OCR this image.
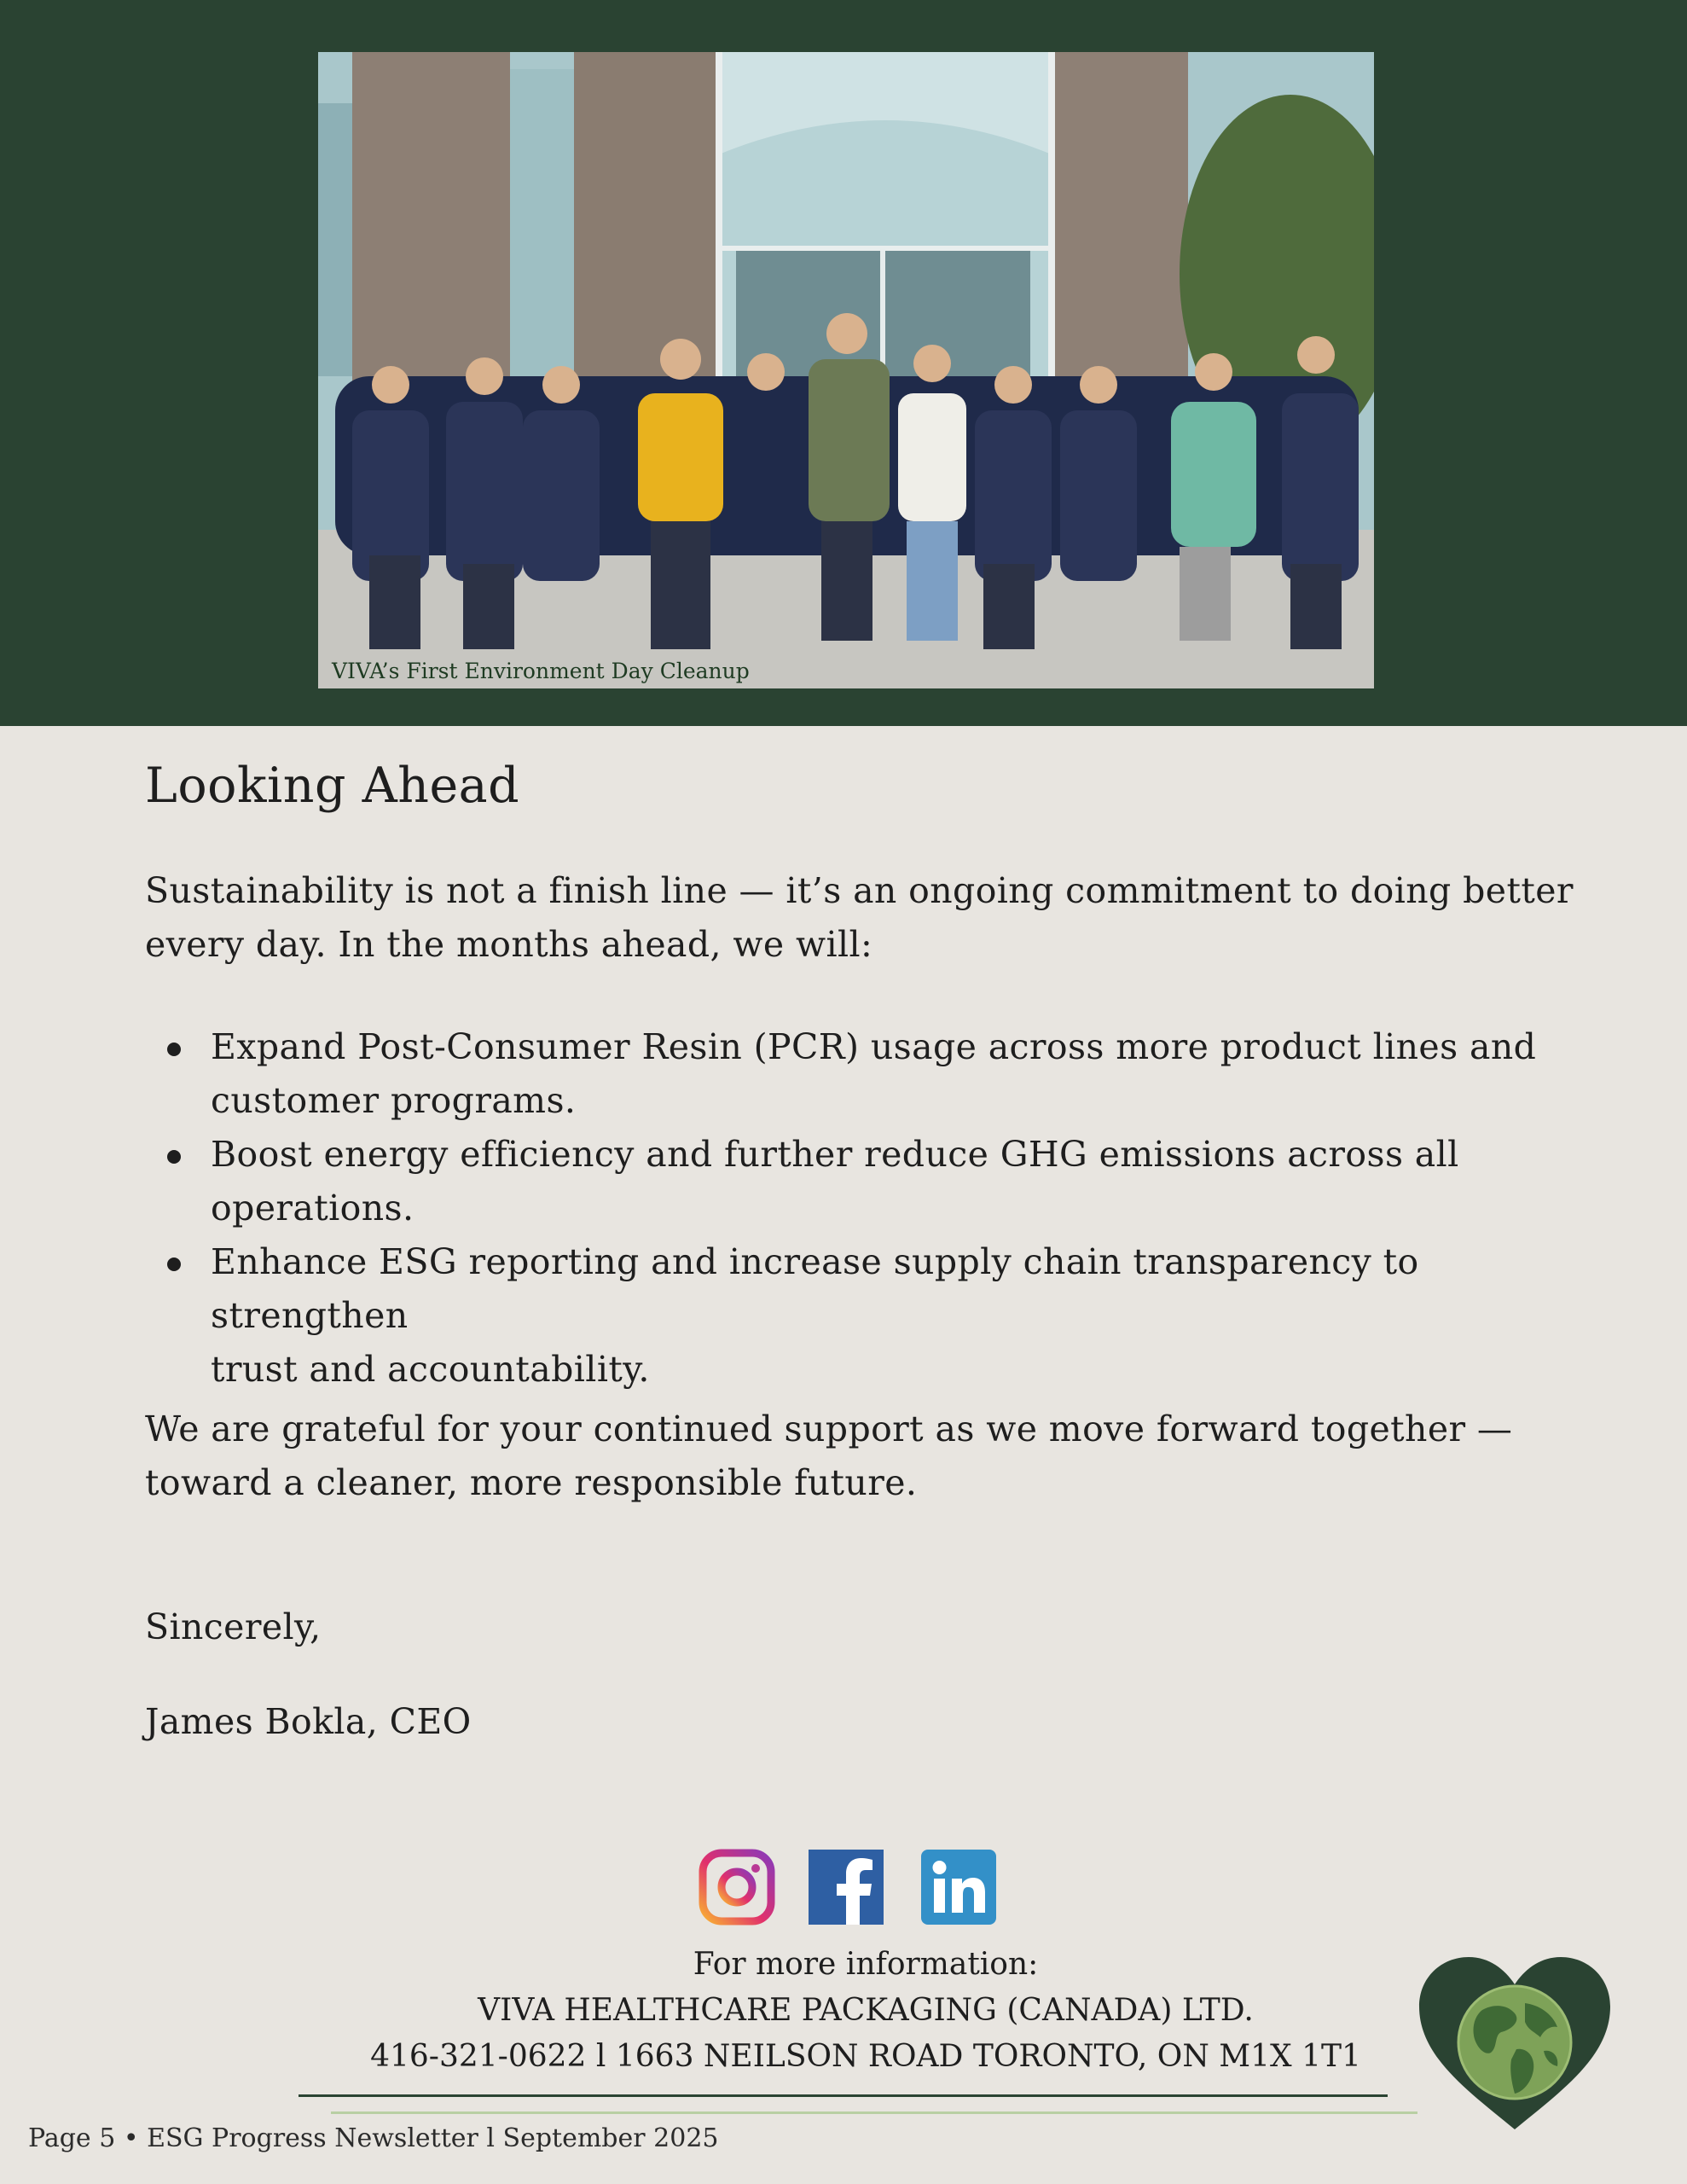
VIVA’s First Environment Day Cleanup
Looking Ahead

Sustainability is not a finish line — it’s an ongoing commitment to doing better
every day. In the months ahead, we will:

Expand Post-Consumer Resin (PCR) usage across more product lines and
customer programs.
Boost energy efficiency and further reduce GHG emissions across all
operations.
Enhance ESG reporting and increase supply chain transparency to strengthen
trust and accountability.

We are grateful for your continued support as we move forward together —
toward a cleaner, more responsible future.

Sincerely,

James Bokla, CEO

For more information:

VIVA HEALTHCARE PACKAGING (CANADA) LTD.

416-321-0622 l 1663 NEILSON ROAD TORONTO, ON M1X 1T1

Page 5 • ESG Progress Newsletter l September 2025
